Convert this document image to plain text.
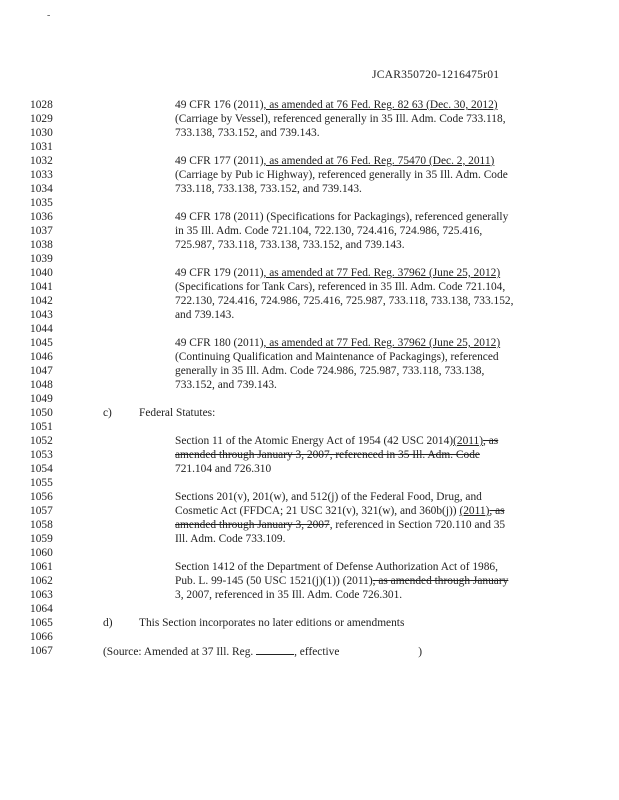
-
JCAR350720-1216475r01
1028
1029
1030
1031
1032
1033
1034
1035
1036
1037
1038
1039
1040
1041
1042
1043
1044
1045
1046
1047
1048
1049
1050
1051
1052
1053
1054
1055
1056
1057
1058
1059
1060
1061
1062
1063
1064
1065
1066
1067
49 CFR 176 (2011), as amended at 76 Fed. Reg. 82 63 (Dec. 30, 2012)
(Carriage by Vessel), referenced generally in 35 Ill. Adm. Code 733.118,
733.138, 733.152, and 739.143.
49 CFR 177 (2011), as amended at 76 Fed. Reg. 75470 (Dec. 2, 2011)
(Carriage by Pub ic Highway), referenced generally in 35 Ill. Adm. Code
733.118, 733.138, 733.152, and 739.143.
49 CFR 178 (2011) (Specifications for Packagings), referenced generally
in 35 Ill. Adm. Code 721.104, 722.130, 724.416, 724.986, 725.416,
725.987, 733.118, 733.138, 733.152, and 739.143.
49 CFR 179 (2011), as amended at 77 Fed. Reg. 37962 (June 25, 2012)
(Specifications for Tank Cars), referenced in 35 Ill. Adm. Code 721.104,
722.130, 724.416, 724.986, 725.416, 725.987, 733.118, 733.138, 733.152,
and 739.143.
49 CFR 180 (2011), as amended at 77 Fed. Reg. 37962 (June 25, 2012)
(Continuing Qualification and Maintenance of Packagings), referenced
generally in 35 Ill. Adm. Code 724.986, 725.987, 733.118, 733.138,
733.152, and 739.143.
c) Federal Statutes:
Section 11 of the Atomic Energy Act of 1954 (42 USC 2014)(2011), as
amended through January 3, 2007, referenced in 35 Ill. Adm. Code
721.104 and 726.310
Sections 201(v), 201(w), and 512(j) of the Federal Food, Drug, and
Cosmetic Act (FFDCA; 21 USC 321(v), 321(w), and 360b(j)) (2011), as
amended through January 3, 2007, referenced in Section 720.110 and 35
Ill. Adm. Code 733.109.
Section 1412 of the Department of Defense Authorization Act of 1986,
Pub. L. 99-145 (50 USC 1521(j)(1)) (2011), as amended through January
3, 2007, referenced in 35 Ill. Adm. Code 726.301.
d) This Section incorporates no later editions or amendments
(Source: Amended at 37 Ill. Reg.	, effective	)
